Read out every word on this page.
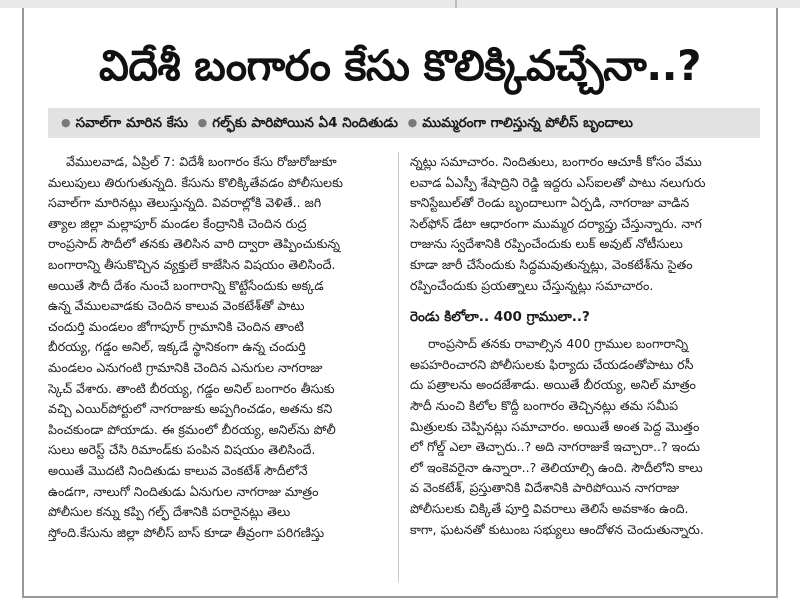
విదేశీ బంగారం కేసు కొలిక్కివచ్చేనా..?
● సవాల్‌గా మారిన కేసు ● గల్ఫ్‌కు పారిపోయిన ఏ4 నిందితుడు ● ముమ్మరంగా గాలిస్తున్న పోలీస్‌ బృందాలు
వేములవాడ, ఏప్రిల్‌ 7: విదేశీ బంగారం కేసు రోజురోజుకూ
మలుపులు తిరుగుతున్నది. కేసును కొలిక్కితేవడం పోలీసులకు
సవాల్‌గా మారినట్లు తెలుస్తున్నది. వివరాల్లోకి వెళితే.. జగి
త్యాల జిల్లా మల్లాపూర్‌ మండల కేంద్రానికి చెందిన రుద్ర
రాంప్రసాద్‌ సౌదీలో తనకు తెలిసిన వారి ద్వారా తెప్పించుకున్న
బంగారాన్ని తీసుకొచ్చిన వ్యక్తులే కాజేసిన విషయం తెలిసిందే.
అయితే సౌదీ దేశం నుంచే బంగారాన్ని కొట్టేసేందుకు అక్కడ
ఉన్న వేములవాడకు చెందిన కాలువ వెంకటేశ్‌తో పాటు
చందుర్తి మండలం జోగాపూర్‌ గ్రామానికి చెందిన తాంటి
బీరయ్య, గడ్డం అనిల్‌, ఇక్కడే స్థానికంగా ఉన్న చందుర్తి
మండలం ఎనుగంటి గ్రామానికి చెందిన ఎనుగుల నాగరాజు
స్కెచ్‌ వేశారు. తాంటి బీరయ్య, గడ్డం అనిల్‌ బంగారం తీసుకు
వచ్చి ఎయిర్‌పోర్టులో నాగరాజుకు అప్పగించడం, అతను కని
పించకుండా పోయాడు. ఈ క్రమంలో బీరయ్య, అనిల్‌ను పోలీ
సులు అరెస్ట్‌ చేసి రిమాండ్‌కు పంపిన విషయం తెలిసిందే.
అయితే మొదటి నిందితుడు కాలువ వెంకటేశ్‌ సౌదీలోనే
ఉండగా, నాలుగో నిందితుడు ఏనుగుల నాగరాజు మాత్రం
పోలీసుల కన్ను కప్పి గల్ఫ్‌ దేశానికి పరారైనట్లు తెలు
స్తోంది.కేసును జిల్లా పోలీస్‌ బాస్‌ కూడా తీవ్రంగా పరిగణిస్తు
న్నట్లు సమాచారం. నిందితులు, బంగారం ఆచూకీ కోసం వేము
లవాడ ఏఎస్పీ శేషాద్రిని రెడ్డి ఇద్దరు ఎస్‌ఐలతో పాటు నలుగురు
కానిస్టేబుల్‌తో రెండు బృందాలుగా ఏర్పడి, నాగరాజు వాడిన
సెల్‌ఫోన్‌ డేటా ఆధారంగా ముమ్మర దర్యాప్తు చేస్తున్నారు. నాగ
రాజును స్వదేశానికి రప్పించేందుకు లుక్‌ అవుట్‌ నోటీసులు
కూడా జారీ చేసేందుకు సిద్ధమవుతున్నట్లు, వెంకటేశ్‌ను సైతం
రప్పించేందుకు ప్రయత్నాలు చేస్తున్నట్లు సమాచారం.
రెండు కిలోలా.. 400 గ్రాములా..?
రాంప్రసాద్‌ తనకు రావాల్సిన 400 గ్రాముల బంగారాన్ని
అపహరించారని పోలీసులకు ఫిర్యాదు చేయడంతోపాటు రసీ
దు పత్రాలను అందజేశాడు. అయితే బీరయ్య, అనిల్‌ మాత్రం
సౌదీ నుంచి కిలోల కొద్దీ బంగారం తెచ్చినట్లు తమ సమీప
మిత్రులకు చెప్పినట్లు సమాచారం. అయితే అంత పెద్ద మొత్తం
లో గోల్డ్‌ ఎలా తెచ్చారు..? అది నాగరాజుకే ఇచ్చారా..? ఇందు
లో ఇంకెవరైనా ఉన్నారా..? తెలియాల్సి ఉంది. సౌదీలోని కాలు
వ వెంకటేశ్‌, ప్రస్తుతానికి విదేశానికి పారిపోయిన నాగరాజు
పోలీసులకు చిక్కితే పూర్తి వివరాలు తెలిసే అవకాశం ఉంది.
కాగా, ఘటనతో కుటుంబ సభ్యులు ఆందోళన చెందుతున్నారు.
